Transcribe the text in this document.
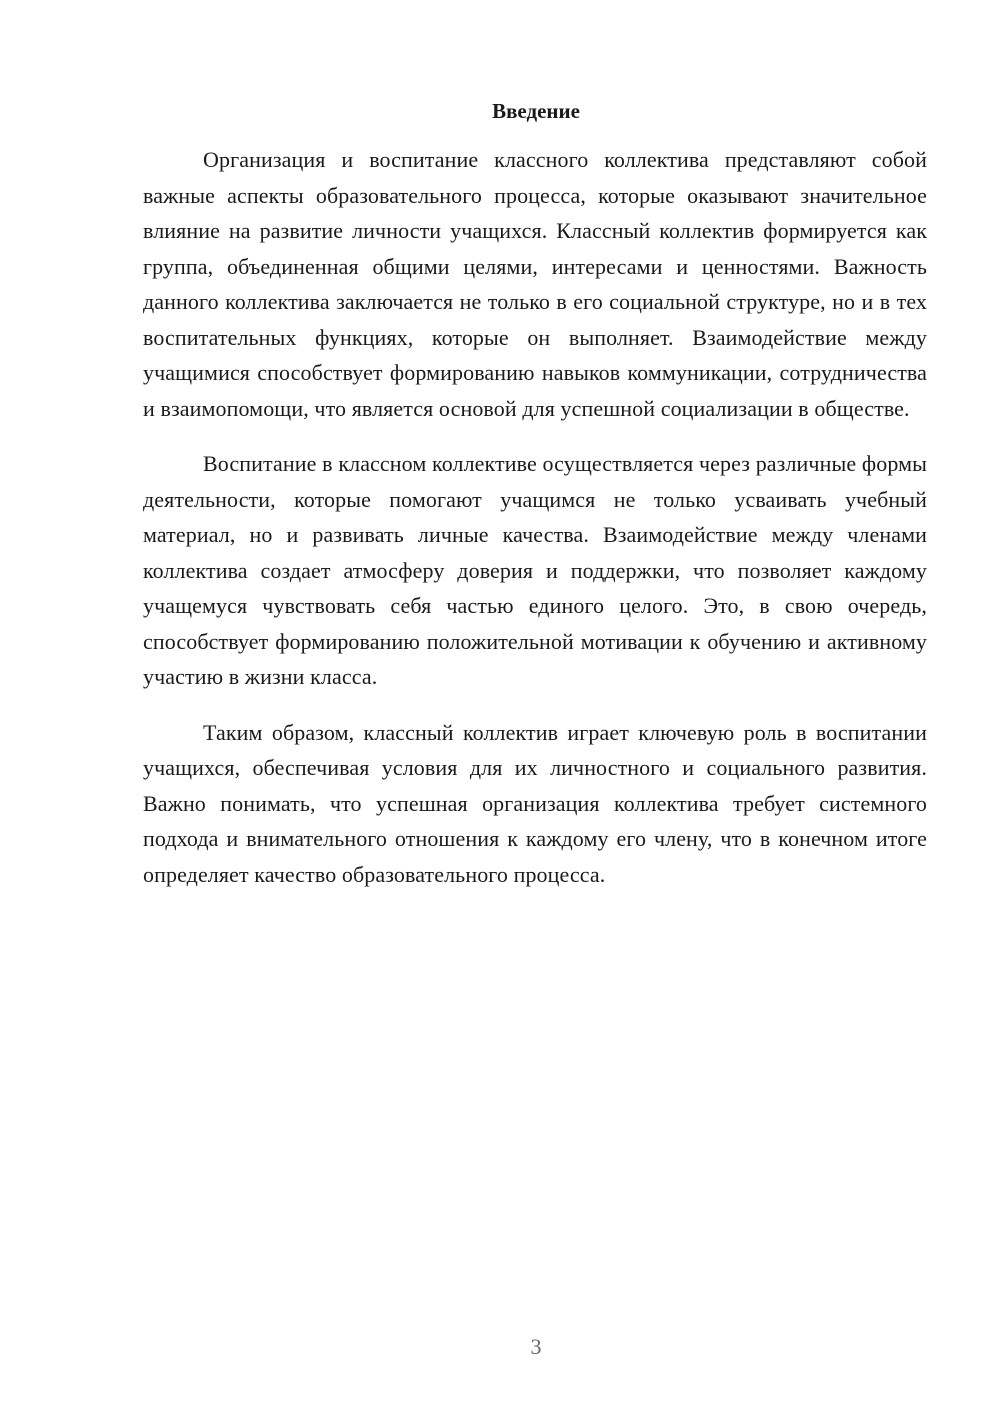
Введение

Организация и воспитание классного коллектива представляют собой важные аспекты образовательного процесса, которые оказывают значительное влияние на развитие личности учащихся. Классный коллектив формируется как группа, объединенная общими целями, интересами и ценностями. Важность данного коллектива заключается не только в его социальной структуре, но и в тех воспитательных функциях, которые он выполняет. Взаимодействие между учащимися способствует формированию навыков коммуникации, сотрудничества и взаимопомощи, что является основой для успешной социализации в обществе.

Воспитание в классном коллективе осуществляется через различные формы деятельности, которые помогают учащимся не только усваивать учебный материал, но и развивать личные качества. Взаимодействие между членами коллектива создает атмосферу доверия и поддержки, что позволяет каждому учащемуся чувствовать себя частью единого целого. Это, в свою очередь, способствует формированию положительной мотивации к обучению и активному участию в жизни класса.

Таким образом, классный коллектив играет ключевую роль в воспитании учащихся, обеспечивая условия для их личностного и социального развития. Важно понимать, что успешная организация коллектива требует системного подхода и внимательного отношения к каждому его члену, что в конечном итоге определяет качество образовательного процесса.

3
